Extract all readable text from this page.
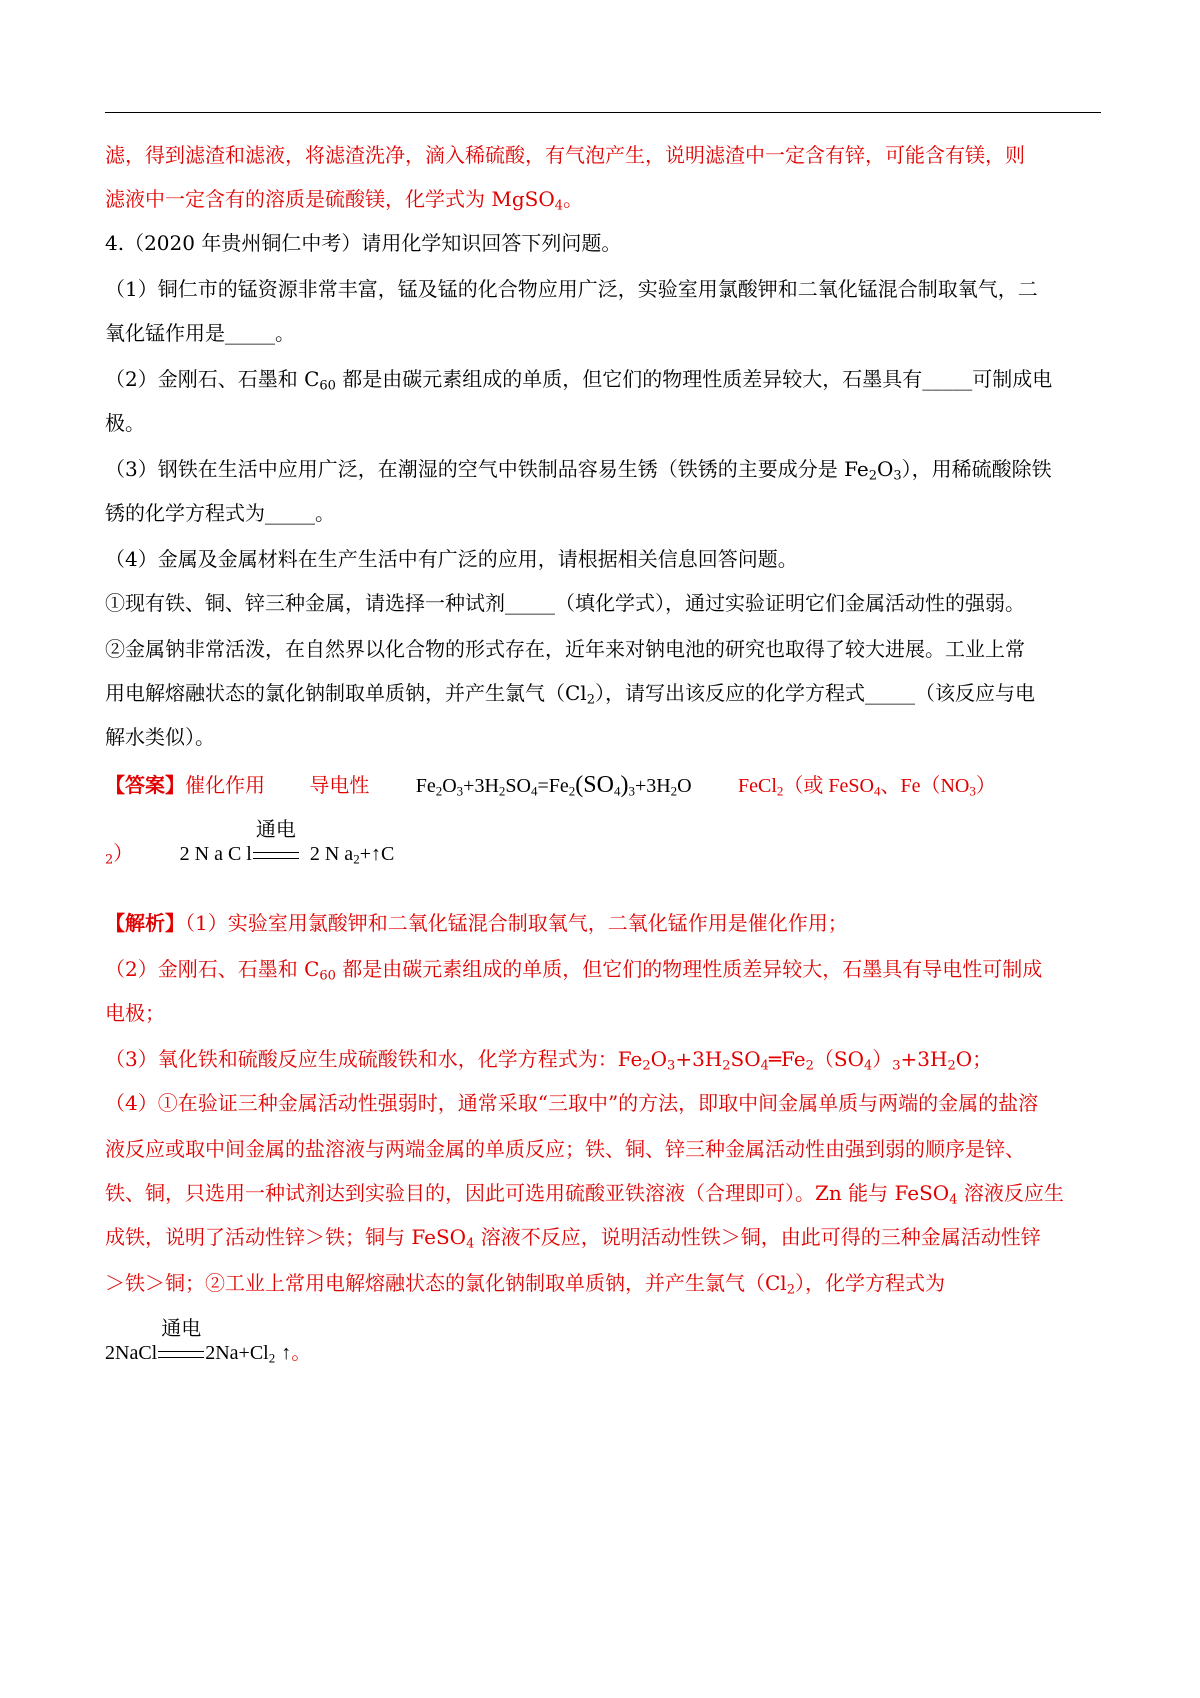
滤，得到滤渣和滤液，将滤渣洗净，滴入稀硫酸，有气泡产生，说明滤渣中一定含有锌，可能含有镁，则
滤液中一定含有的溶质是硫酸镁，化学式为 MgSO$_4$。
4.（2020 年贵州铜仁中考）请用化学知识回答下列问题。
（1）铜仁市的锰资源非常丰富，锰及锰的化合物应用广泛，实验室用氯酸钾和二氧化锰混合制取氧气，二
氧化锰作用是_____。
（2）金刚石、石墨和 $C_{60}$ 都是由碳元素组成的单质，但它们的物理性质差异较大，石墨具有_____可制成电
极。
（3）钢铁在生活中应用广泛，在潮湿的空气中铁制品容易生锈（铁锈的主要成分是 $Fe_2O_3$），用稀硫酸除铁
锈的化学方程式为_____。
（4）金属及金属材料在生产生活中有广泛的应用，请根据相关信息回答问题。
①现有铁、铜、锌三种金属，请选择一种试剂_____（填化学式），通过实验证明它们金属活动性的强弱。
②金属钠非常活泼，在自然界以化合物的形式存在，近年来对钠电池的研究也取得了较大进展。工业上常
用电解熔融状态的氯化钠制取单质钠，并产生氯气$(Cl_2)$，请写出该反应的化学方程式_____（该反应与电
解水类似）。
【答案】催化作用 导电性 $Fe_2O_3+3H_2SO_4=Fe_2(SO_4)_3+3H_2O$ FeCl$_2$（或 FeSO$_4$、$Fe(NO_3)$
$_2$） 2 N a C l
通电
2 N $a_2+↑C$
【解析】（1）实验室用氯酸钾和二氧化锰混合制取氧气，二氧化锰作用是催化作用；
（2）金刚石、石墨和 $C_{60}$ 都是由碳元素组成的单质，但它们的物理性质差异较大，石墨具有导电性可制成
电极；
（3）氧化铁和硫酸反应生成硫酸铁和水，化学方程式为：$Fe_2O_3+3H_2SO_4═Fe_2(SO_4)_3+3H_2O$；
（4）①在验证三种金属活动性强弱时，通常采取“三取中”的方法，即取中间金属单质与两端的金属的盐溶
液反应或取中间金属的盐溶液与两端金属的单质反应；铁、铜、锌三种金属活动性由强到弱的顺序是锌、
铁、铜，只选用一种试剂达到实验目的，因此可选用硫酸亚铁溶液（合理即可）。Zn 能与 FeSO$_4$ 溶液反应生
成铁，说明了活动性锌＞铁；铜与 FeSO$_4$ 溶液不反应，说明活动性铁＞铜，由此可得的三种金属活动性锌
＞铁＞铜；②工业上常用电解熔融状态的氯化钠制取单质钠，并产生氯气$(Cl_2)$，化学方程式为
2NaCl
通电
$2Na+Cl_2$ ↑。
